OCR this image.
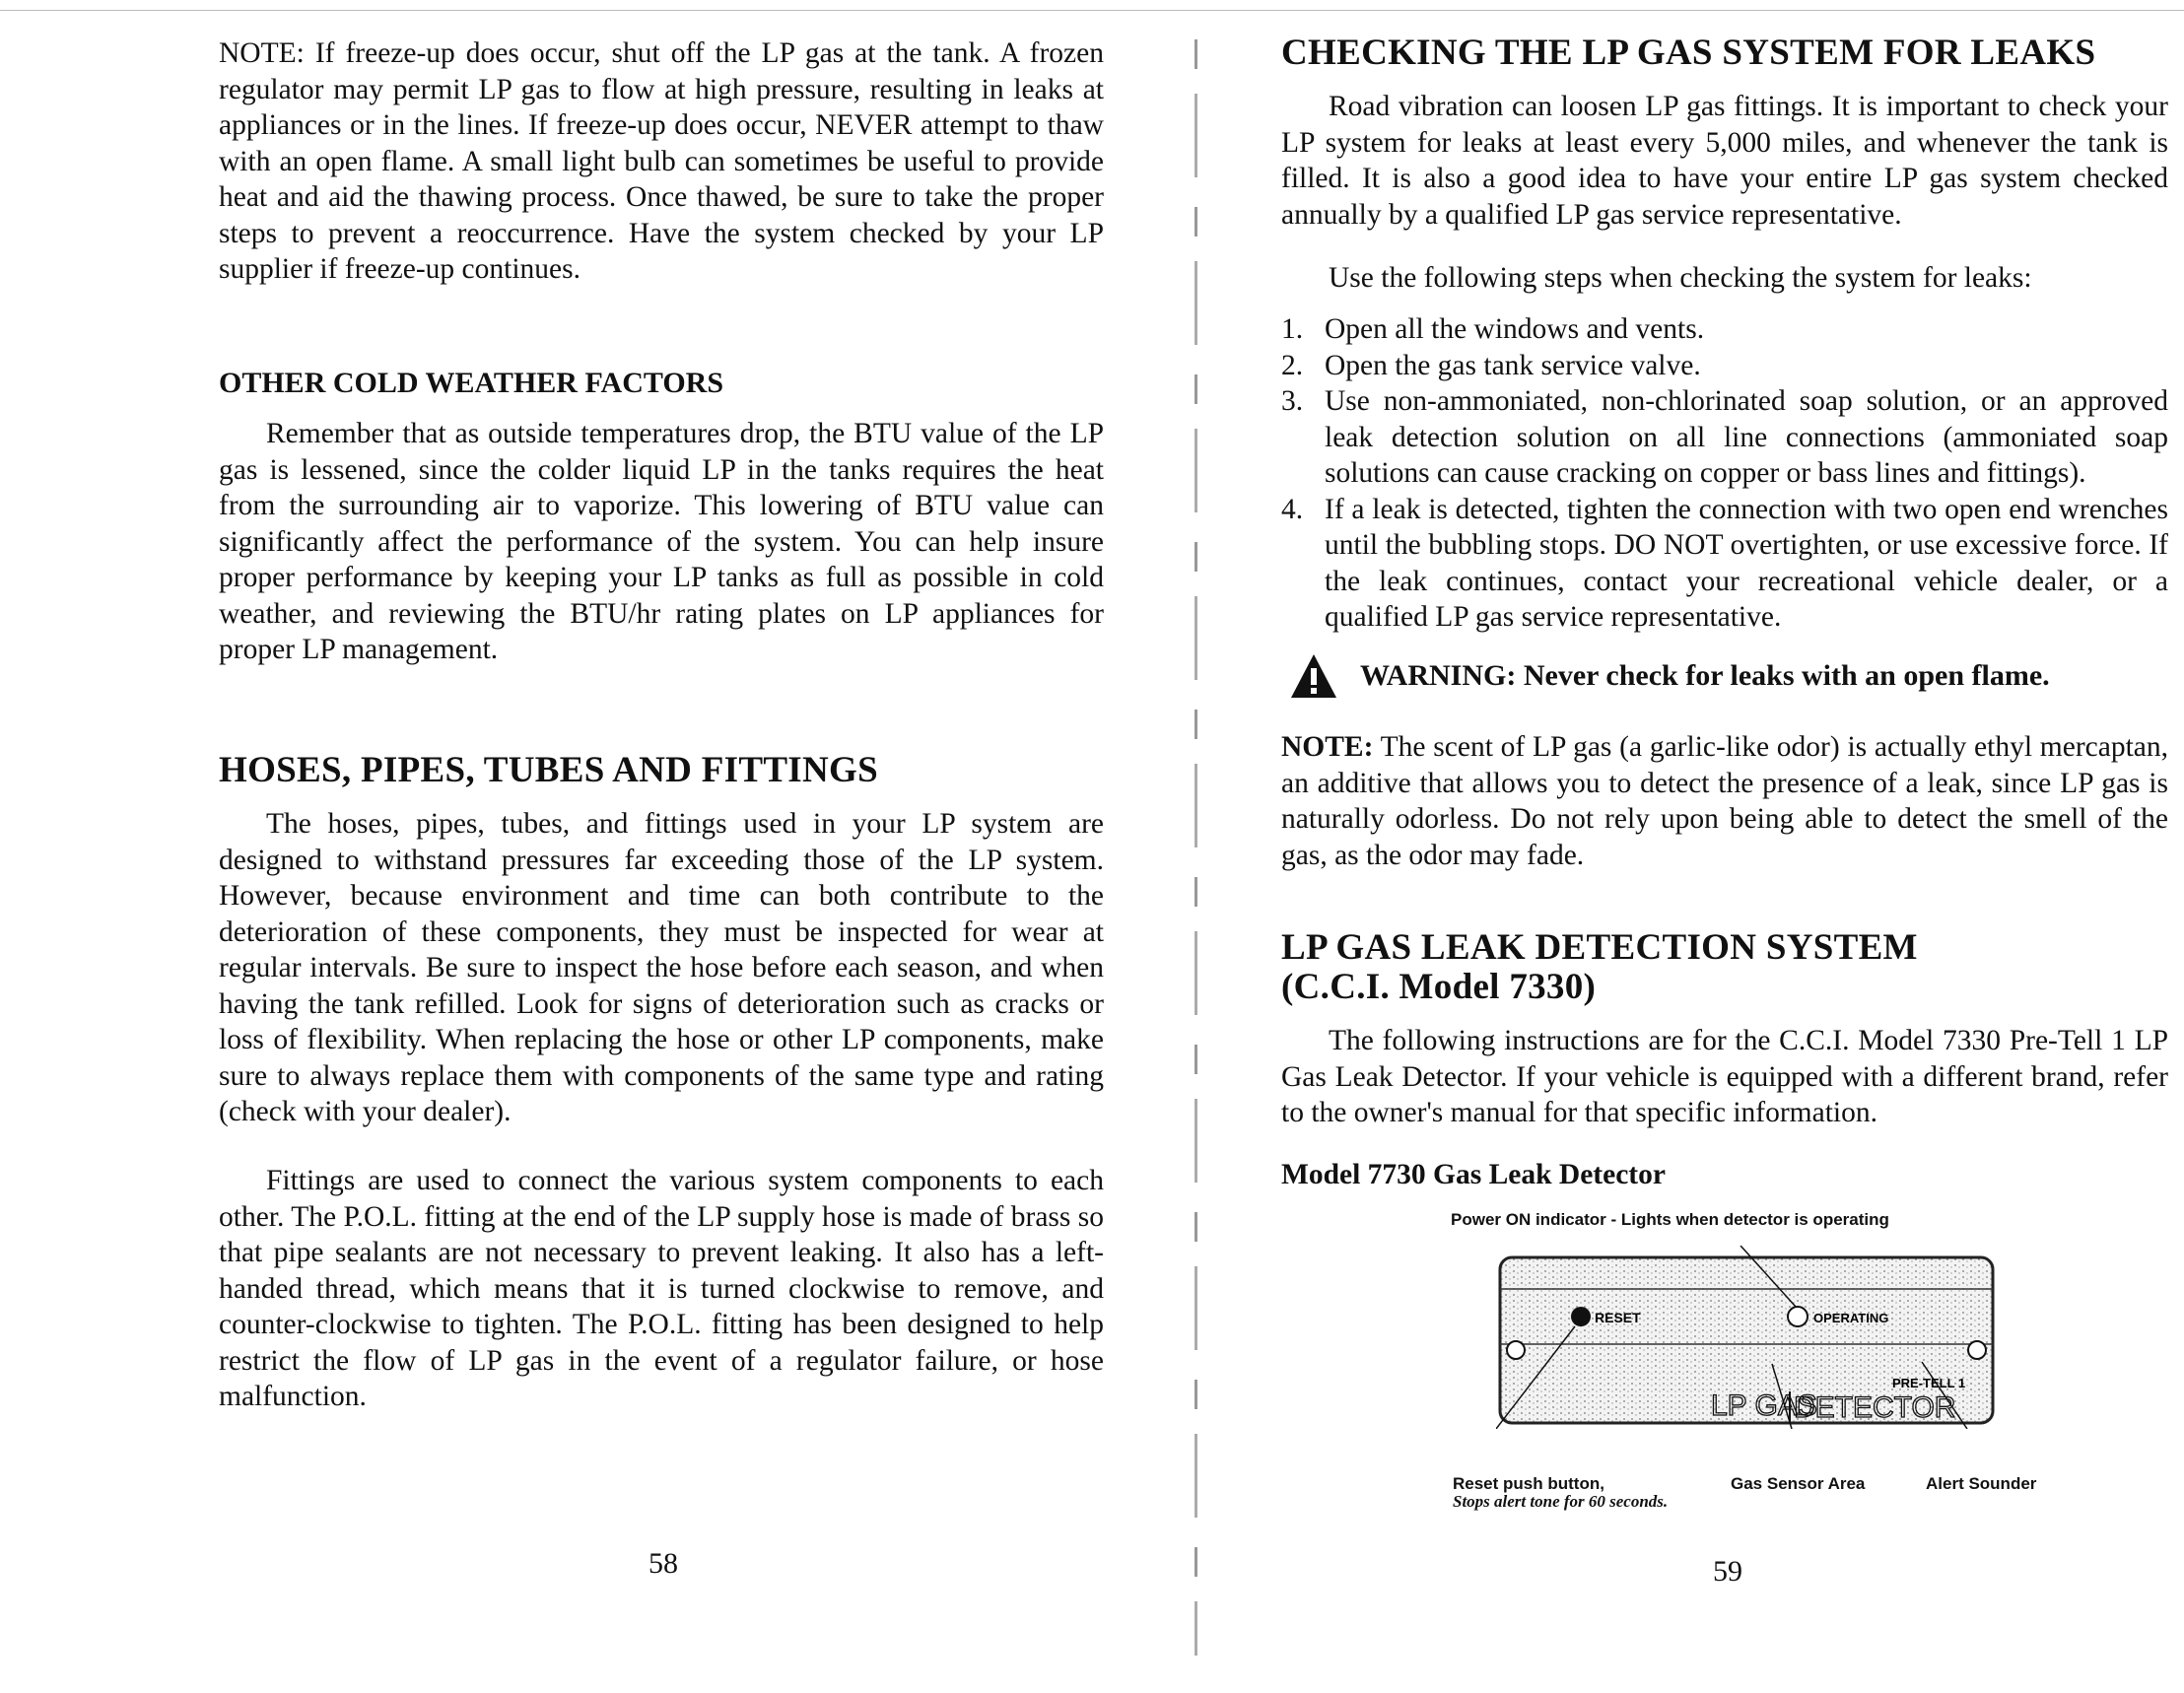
NOTE: If freeze-up does occur, shut off the LP gas at the tank. A frozen regulator may permit LP gas to flow at high pressure, resulting in leaks at appliances or in the lines. If freeze-up does occur, NEVER attempt to thaw with an open flame. A small light bulb can sometimes be useful to provide heat and aid the thawing process. Once thawed, be sure to take the proper steps to prevent a reoccurrence. Have the system checked by your LP supplier if freeze-up continues.

OTHER COLD WEATHER FACTORS

Remember that as outside temperatures drop, the BTU value of the LP gas is lessened, since the colder liquid LP in the tanks requires the heat from the surrounding air to vaporize. This lowering of BTU value can significantly affect the performance of the system. You can help insure proper performance by keeping your LP tanks as full as possible in cold weather, and reviewing the BTU/hr rating plates on LP appliances for proper LP management.

HOSES, PIPES, TUBES AND FITTINGS

The hoses, pipes, tubes, and fittings used in your LP system are designed to withstand pressures far exceeding those of the LP system. However, because environment and time can both contribute to the deterioration of these components, they must be inspected for wear at regular intervals. Be sure to inspect the hose before each season, and when having the tank refilled. Look for signs of deterioration such as cracks or loss of flexibility. When replacing the hose or other LP components, make sure to always replace them with components of the same type and rating (check with your dealer).

Fittings are used to connect the various system components to each other. The P.O.L. fitting at the end of the LP supply hose is made of brass so that pipe sealants are not necessary to prevent leaking. It also has a left-handed thread, which means that it is turned clockwise to remove, and counter-clockwise to tighten. The P.O.L. fitting has been designed to help restrict the flow of LP gas in the event of a regulator failure, or hose malfunction.

58
CHECKING THE LP GAS SYSTEM FOR LEAKS

Road vibration can loosen LP gas fittings. It is important to check your LP system for leaks at least every 5,000 miles, and whenever the tank is filled. It is also a good idea to have your entire LP gas system checked annually by a qualified LP gas service representative.

Use the following steps when checking the system for leaks:

1. Open all the windows and vents.
2. Open the gas tank service valve.
3. Use non-ammoniated, non-chlorinated soap solution, or an approved leak detection solution on all line connections (ammoniated soap solutions can cause cracking on copper or bass lines and fittings).
4. If a leak is detected, tighten the connection with two open end wrenches until the bubbling stops. DO NOT overtighten, or use excessive force. If the leak continues, contact your recreational vehicle dealer, or a qualified LP gas service representative.
WARNING: Never check for leaks with an open flame.

NOTE: The scent of LP gas (a garlic-like odor) is actually ethyl mercaptan, an additive that allows you to detect the presence of a leak, since LP gas is naturally odorless. Do not rely upon being able to detect the smell of the gas, as the odor may fade.

LP GAS LEAK DETECTION SYSTEM
(C.C.I. Model 7330)

The following instructions are for the C.C.I. Model 7330 Pre-Tell 1 LP Gas Leak Detector. If your vehicle is equipped with a different brand, refer to the owner's manual for that specific information.

Model 7730 Gas Leak Detector
Power ON indicator - Lights when detector is operating
RESET	OPERATING
PRE-TELL 1
LP GAS
DETECTOR
Reset push button,
Stops alert tone for 60 seconds.
Gas Sensor Area	Alert Sounder
59
